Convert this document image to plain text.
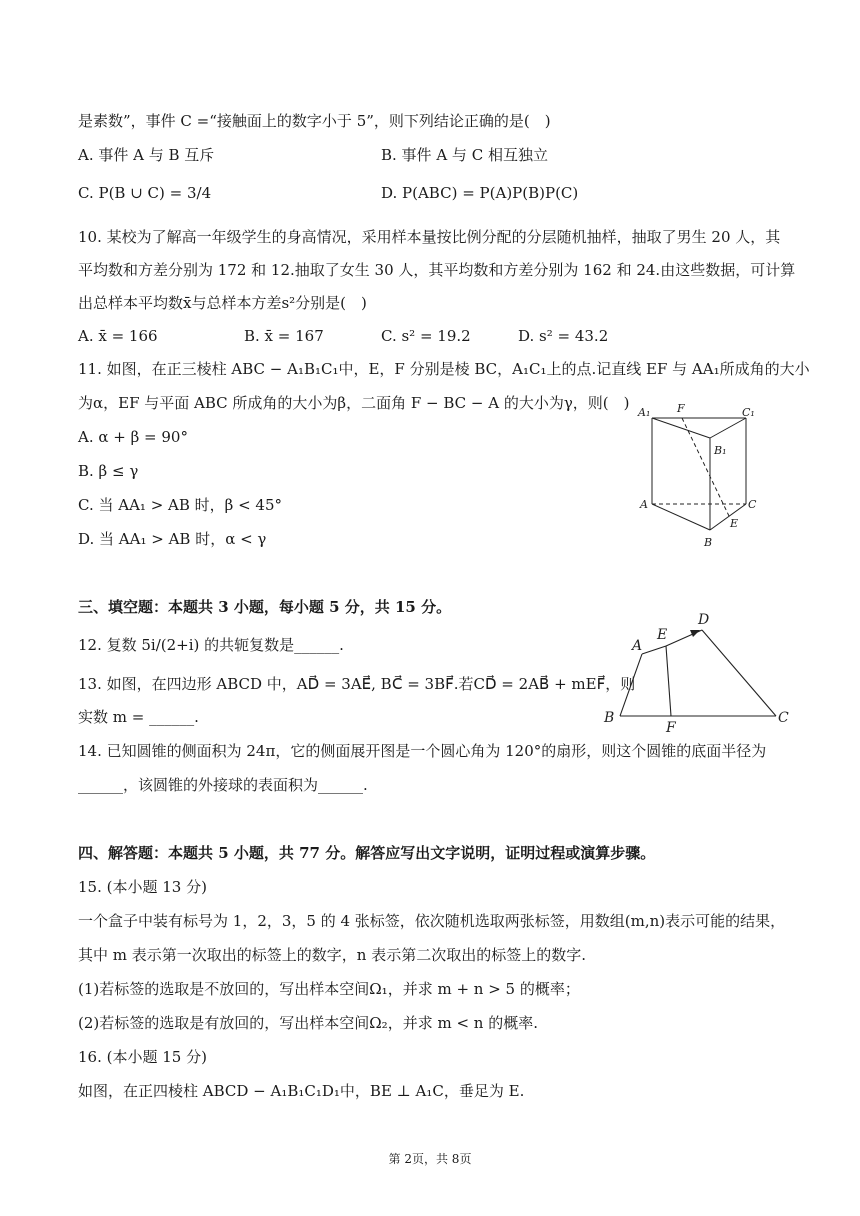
是素数”，事件 C =“接触面上的数字小于 5”，则下列结论正确的是(　)
A. 事件 A 与 B 互斥	B. 事件 A 与 C 相互独立
C. P(B ∪ C) = 3/4	D. P(ABC) = P(A)P(B)P(C)
10. 某校为了解高一年级学生的身高情况，采用样本量按比例分配的分层随机抽样，抽取了男生 20 人，其
平均数和方差分别为 172 和 12.抽取了女生 30 人，其平均数和方差分别为 162 和 24.由这些数据，可计算
出总样本平均数x̄与总样本方差s²分别是(　)
A. x̄ = 166	B. x̄ = 167	C. s² = 19.2	D. s² = 43.2
11. 如图，在正三棱柱 ABC − A₁B₁C₁中，E，F 分别是棱 BC，A₁C₁上的点.记直线 EF 与 AA₁所成角的大小
为α，EF 与平面 ABC 所成角的大小为β，二面角 F − BC − A 的大小为γ，则(　)
A. α + β = 90°
B. β ≤ γ
C. 当 AA₁ > AB 时，β < 45°
D. 当 AA₁ > AB 时，α < γ
A₁ F	C₁
B₁
A	C
E
B
三、填空题：本题共 3 小题，每小题 5 分，共 15 分。
12. 复数 5i/(2+i) 的共轭复数是______.
13. 如图，在四边形 ABCD 中，AD⃗ = 3AE⃗, BC⃗ = 3BF⃗.若CD⃗ = 2AB⃗ + mEF⃗，则
实数 m = ______.
A
E
D
B
F
C
14. 已知圆锥的侧面积为 24π，它的侧面展开图是一个圆心角为 120°的扇形，则这个圆锥的底面半径为
______，该圆锥的外接球的表面积为______.
四、解答题：本题共 5 小题，共 77 分。解答应写出文字说明，证明过程或演算步骤。
15. (本小题 13 分)
一个盒子中装有标号为 1，2，3，5 的 4 张标签，依次随机选取两张标签，用数组(m,n)表示可能的结果，
其中 m 表示第一次取出的标签上的数字，n 表示第二次取出的标签上的数字.
(1)若标签的选取是不放回的，写出样本空间Ω₁，并求 m + n > 5 的概率；
(2)若标签的选取是有放回的，写出样本空间Ω₂，并求 m < n 的概率.
16. (本小题 15 分)
如图，在正四棱柱 ABCD − A₁B₁C₁D₁中，BE ⊥ A₁C，垂足为 E.
第 2页，共 8页
